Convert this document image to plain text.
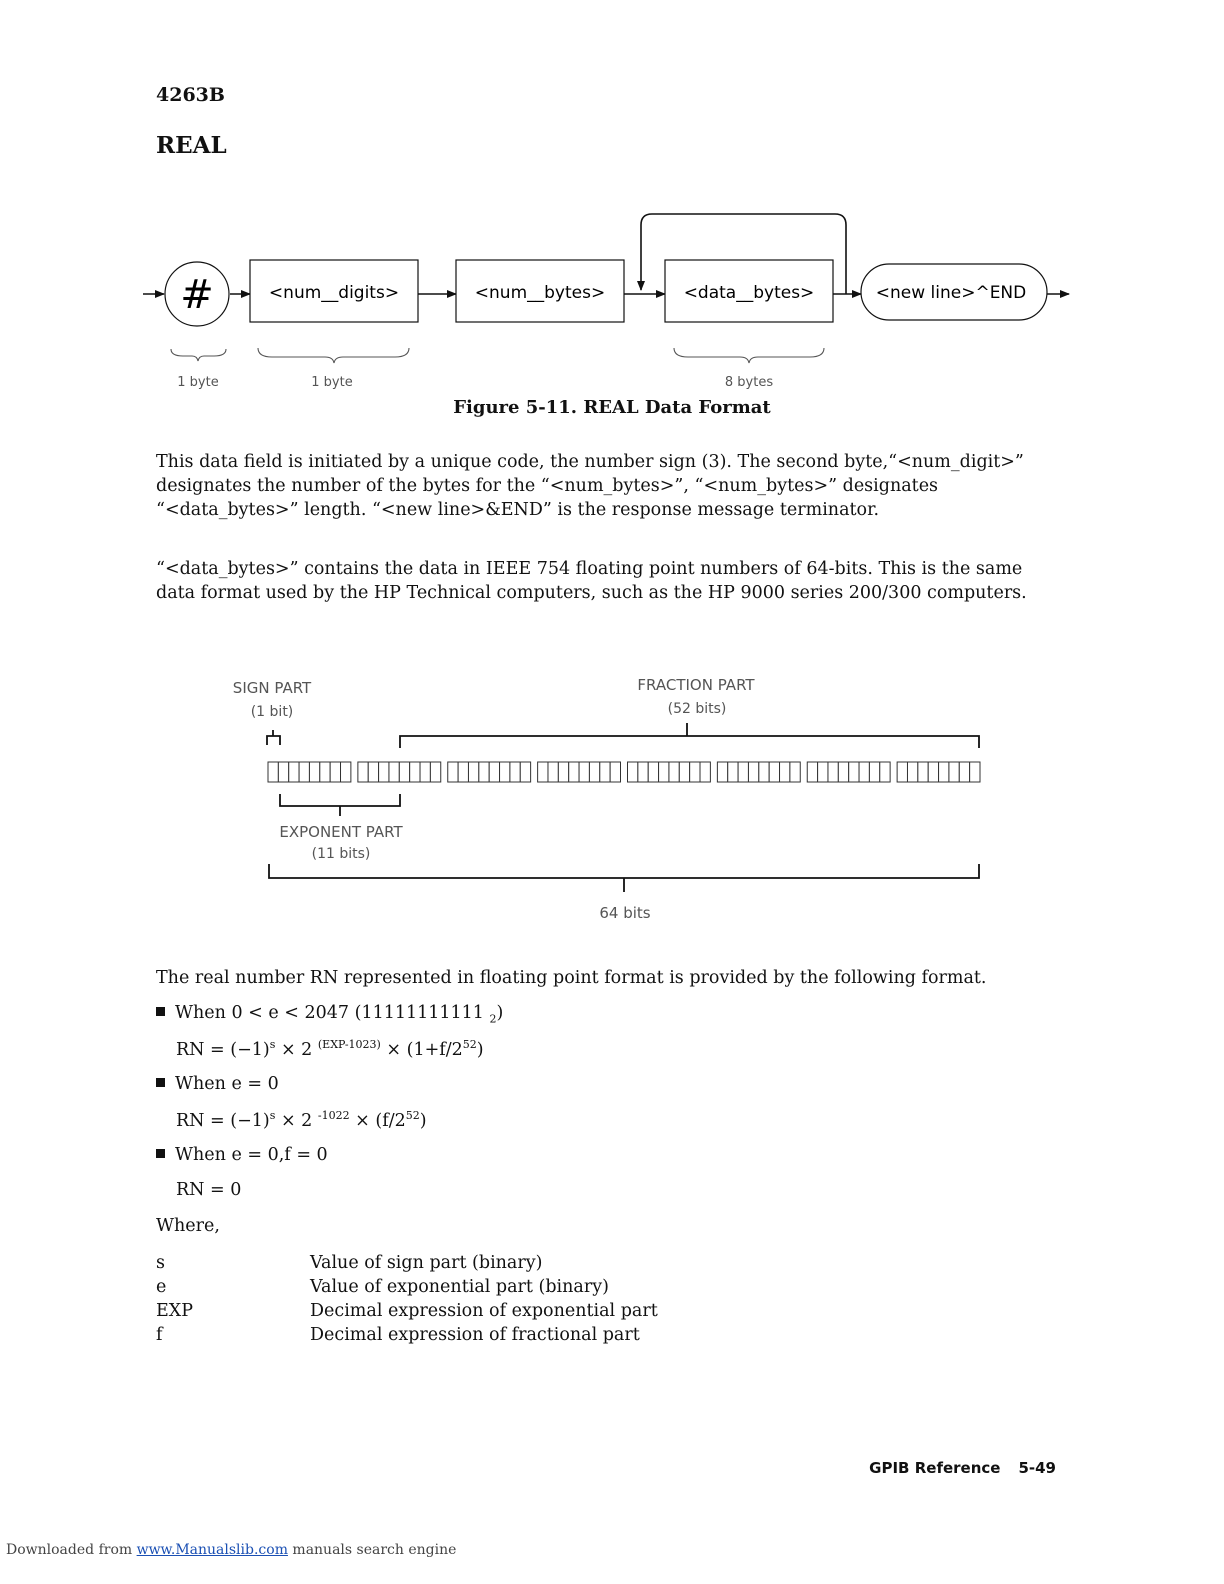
4263B
REAL
#	<num__digits>	<num__bytes>	<data__bytes>	<new line>^END
1 byte	1 byte	8 bytes
Figure 5-11. REAL Data Format

This data field is initiated by a unique code, the number sign (3). The second byte,“<num_digit>” designates the number of the bytes for the “<num_bytes>”, “<num_bytes>” designates “<data_bytes>” length. “<new line>&END” is the response message terminator.

“<data_bytes>” contains the data in IEEE 754 floating point numbers of 64-bits. This is the same data format used by the HP Technical computers, such as the HP 9000 series 200/300 computers.

SIGN PART
(1 bit)
FRACTION PART
(52 bits)
EXPONENT PART
(11 bits)
64 bits

The real number RN represented in floating point format is provided by the following format.

When 0 < e < 2047 (11111111111 $_2$)
RN = $(-1)^s \times 2$ $^{(EXP-1023)} \times (1+f/2^{52})$
When e = 0
RN = $(-1)^s \times 2$ $^{-1022} \times (f/2^{52})$
When e = 0,f = 0
RN = 0
Where,
s	Value of sign part (binary)
e	Value of exponential part (binary)
EXP	Decimal expression of exponential part
f	Decimal expression of fractional part
GPIB Reference 5-49
Downloaded from www.Manualslib.com manuals search engine
